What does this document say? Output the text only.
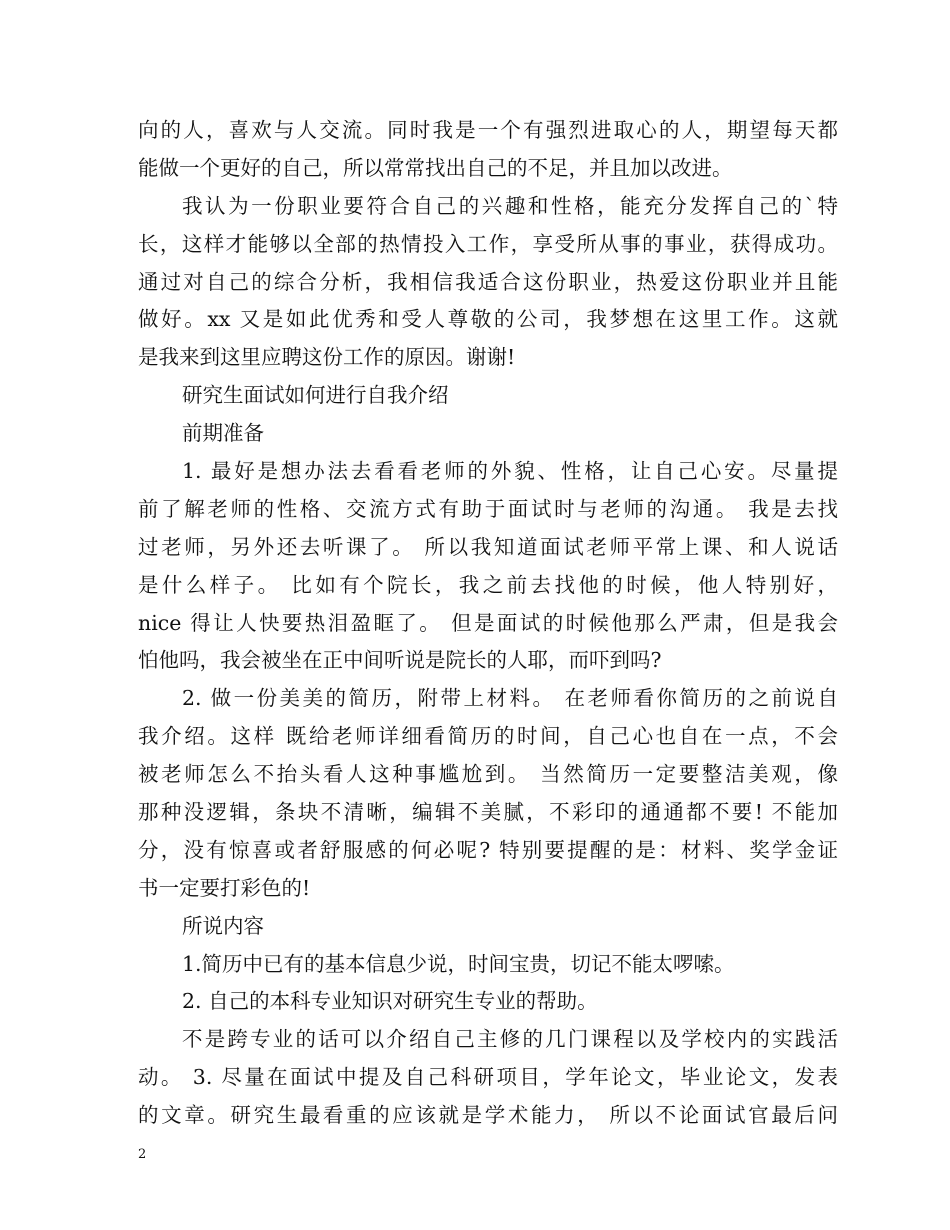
向的人，喜欢与人交流。同时我是一个有强烈进取心的人，期望每天都
能做一个更好的自己，所以常常找出自己的不足，并且加以改进。
我认为一份职业要符合自己的兴趣和性格，能充分发挥自己的`特
长，这样才能够以全部的热情投入工作，享受所从事的事业，获得成功。
通过对自己的综合分析，我相信我适合这份职业，热爱这份职业并且能
做好。xx 又是如此优秀和受人尊敬的公司，我梦想在这里工作。这就
是我来到这里应聘这份工作的原因。谢谢!
研究生面试如何进行自我介绍
前期准备
1. 最好是想办法去看看老师的外貌、性格，让自己心安。尽量提
前了解老师的性格、交流方式有助于面试时与老师的沟通。 我是去找
过老师，另外还去听课了。 所以我知道面试老师平常上课、和人说话
是什么样子。 比如有个院长，我之前去找他的时候，他人特别好，
nice 得让人快要热泪盈眶了。 但是面试的时候他那么严肃，但是我会
怕他吗，我会被坐在正中间听说是院长的人耶，而吓到吗?
2. 做一份美美的简历，附带上材料。 在老师看你简历的之前说自
我介绍。这样 既给老师详细看简历的时间，自己心也自在一点，不会
被老师怎么不抬头看人这种事尴尬到。 当然简历一定要整洁美观，像
那种没逻辑，条块不清晰，编辑不美腻，不彩印的通通都不要! 不能加
分，没有惊喜或者舒服感的何必呢? 特别要提醒的是：材料、奖学金证
书一定要打彩色的!
所说内容
1.简历中已有的基本信息少说，时间宝贵，切记不能太啰嗦。
2. 自己的本科专业知识对研究生专业的帮助。
不是跨专业的话可以介绍自己主修的几门课程以及学校内的实践活
动。 3. 尽量在面试中提及自己科研项目，学年论文，毕业论文，发表
的文章。研究生最看重的应该就是学术能力， 所以不论面试官最后问
2
